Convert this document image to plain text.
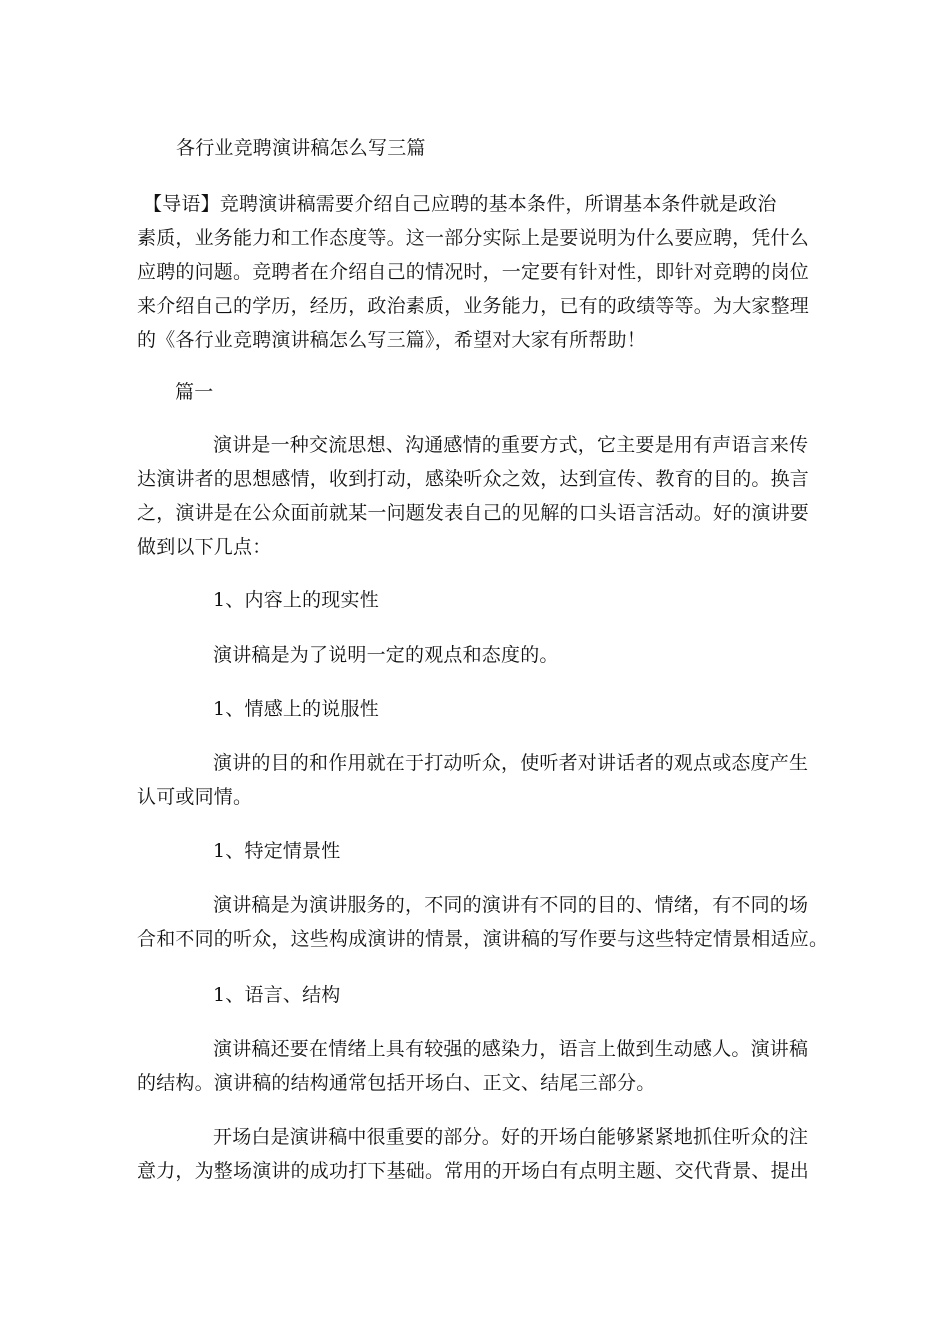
各行业竞聘演讲稿怎么写三篇
【导语】竞聘演讲稿需要介绍自己应聘的基本条件，所谓基本条件就是政治
素质，业务能力和工作态度等。这一部分实际上是要说明为什么要应聘，凭什么
应聘的问题。竞聘者在介绍自己的情况时，一定要有针对性，即针对竞聘的岗位
来介绍自己的学历，经历，政治素质，业务能力，已有的政绩等等。为大家整理
的《各行业竞聘演讲稿怎么写三篇》，希望对大家有所帮助！
篇一
演讲是一种交流思想、沟通感情的重要方式，它主要是用有声语言来传
达演讲者的思想感情，收到打动，感染听众之效，达到宣传、教育的目的。换言
之，演讲是在公众面前就某一问题发表自己的见解的口头语言活动。好的演讲要
做到以下几点：
1、内容上的现实性
演讲稿是为了说明一定的观点和态度的。
1、情感上的说服性
演讲的目的和作用就在于打动听众，使听者对讲话者的观点或态度产生
认可或同情。
1、特定情景性
演讲稿是为演讲服务的，不同的演讲有不同的目的、情绪，有不同的场
合和不同的听众，这些构成演讲的情景，演讲稿的写作要与这些特定情景相适应。
1、语言、结构
演讲稿还要在情绪上具有较强的感染力，语言上做到生动感人。演讲稿
的结构。演讲稿的结构通常包括开场白、正文、结尾三部分。
开场白是演讲稿中很重要的部分。好的开场白能够紧紧地抓住听众的注
意力，为整场演讲的成功打下基础。常用的开场白有点明主题、交代背景、提出
